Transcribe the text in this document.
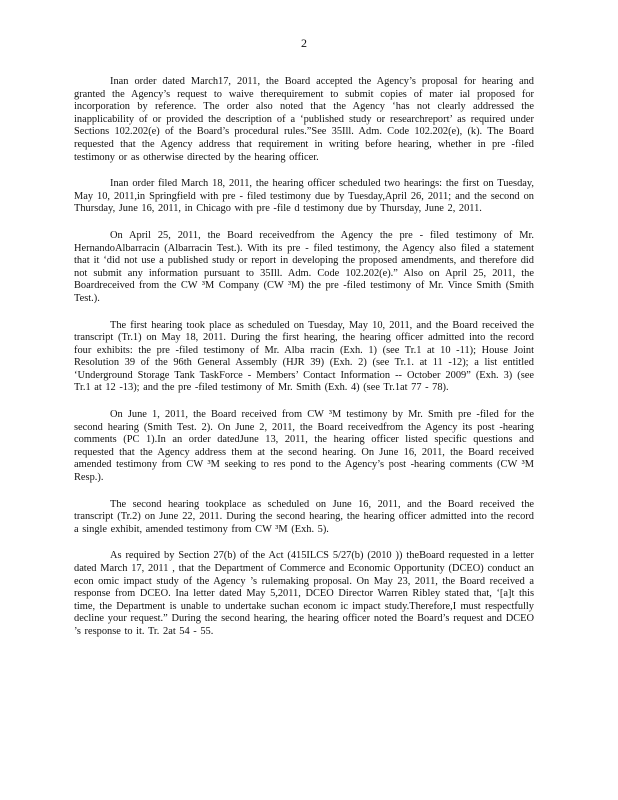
2

Inan order dated March17, 2011, the Board accepted the Agency’s proposal for hearing and granted the Agency’s request to waive therequirement to submit copies of mater ial proposed for incorporation by reference. The order also noted that the Agency ‘has not clearly addressed the inapplicability of or provided the description of a ‘published study or researchreport’ as required under Sections 102.202(e) of the Board’s procedural rules.”See 35Ill. Adm. Code 102.202(e), (k). The Board requested that the Agency address that requirement in writing before hearing, whether in pre -filed testimony or as otherwise directed by the hearing officer.

Inan order filed March 18, 2011, the hearing officer scheduled two hearings: the first on Tuesday, May 10, 2011,in Springfield with pre - filed testimony due by Tuesday,April 26, 2011; and the second on Thursday, June 16, 2011, in Chicago with pre -file d testimony due by Thursday, June 2, 2011.

On April 25, 2011, the Board receivedfrom the Agency the pre - filed testimony of Mr. HernandoAlbarracin (Albarracin Test.). With its pre - filed testimony, the Agency also filed a statement that it ‘did not use a published study or report in developing the proposed amendments, and therefore did not submit any information pursuant to 35Ill. Adm. Code 102.202(e).” Also on April 25, 2011, the Boardreceived from the CW ³M Company (CW ³M) the pre -filed testimony of Mr. Vince Smith (Smith Test.).

The first hearing took place as scheduled on Tuesday, May 10, 2011, and the Board received the transcript (Tr.1) on May 18, 2011. During the first hearing, the hearing officer admitted into the record four exhibits: the pre -filed testimony of Mr. Alba rracin (Exh. 1) (see Tr.1 at 10 -11); House Joint Resolution 39 of the 96th General Assembly (HJR 39) (Exh. 2) (see Tr.1. at 11 -12); a list entitled ‘Underground Storage Tank TaskForce - Members’ Contact Information -- October 2009” (Exh. 3) (see Tr.1 at 12 -13); and the pre -filed testimony of Mr. Smith (Exh. 4) (see Tr.1at 77 - 78).

On June 1, 2011, the Board received from CW ³M testimony by Mr. Smith pre -filed for the second hearing (Smith Test. 2). On June 2, 2011, the Board receivedfrom the Agency its post -hearing comments (PC 1).In an order datedJune 13, 2011, the hearing officer listed specific questions and requested that the Agency address them at the second hearing. On June 16, 2011, the Board received amended testimony from CW ³M seeking to res pond to the Agency’s post -hearing comments (CW ³M Resp.).

The second hearing tookplace as scheduled on June 16, 2011, and the Board received the transcript (Tr.2) on June 22, 2011. During the second hearing, the hearing officer admitted into the record a single exhibit, amended testimony from CW ³M (Exh. 5).

As required by Section 27(b) of the Act (415ILCS 5/27(b) (2010 )) theBoard requested in a letter dated March 17, 2011 , that the Department of Commerce and Economic Opportunity (DCEO) conduct an econ omic impact study of the Agency ’s rulemaking proposal. On May 23, 2011, the Board received a response from DCEO. Ina letter dated May 5,2011, DCEO Director Warren Ribley stated that, ‘[a]t this time, the Department is unable to undertake suchan econom ic impact study.Therefore,I must respectfully decline your request.” During the second hearing, the hearing officer noted the Board’s request and DCEO ’s response to it. Tr. 2at 54 - 55.
